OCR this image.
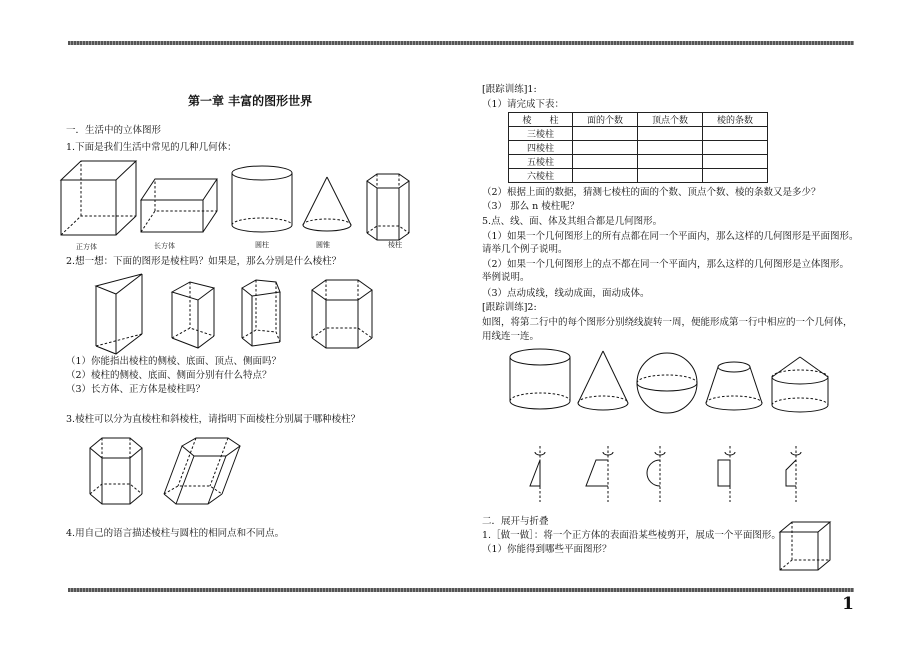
第一章 丰富的图形世界
一．生活中的立体图形
1.下面是我们生活中常见的几种几何体：
正方体	长方体	圆柱	圆锥	棱柱
2.想一想：下面的图形是棱柱吗？如果是，那么分别是什么棱柱？
（1）你能指出棱柱的侧棱、底面、顶点、侧面吗？
（2）棱柱的侧棱、底面、侧面分别有什么特点？
（3）长方体、正方体是棱柱吗？
3.棱柱可以分为直棱柱和斜棱柱，请指明下面棱柱分别属于哪种棱柱？
4.用自己的语言描述棱柱与圆柱的相同点和不同点。
[跟踪训练]1:
（1）请完成下表：
棱　　柱	面的个数	顶点个数	棱的条数
三棱柱			
四棱柱			
五棱柱			
六棱柱			
（2）根据上面的数据，猜测七棱柱的面的个数、顶点个数、棱的条数又是多少？
（3） 那么 n 棱柱呢？
5.点、线、面、体及其组合都是几何图形。
（1）如果一个几何图形上的所有点都在同一个平面内，那么这样的几何图形是平面图形。
请举几个例子说明。
（2）如果一个几何图形上的点不都在同一个平面内，那么这样的几何图形是立体图形。
举例说明。
（3）点动成线，线动成面，面动成体。
[跟踪训练]2:
如图，将第二行中的每个图形分别绕线旋转一周，便能形成第一行中相应的一个几何体，
用线连一连。
二．展开与折叠
1.［做一做］：将一个正方体的表面沿某些棱剪开，展成一个平面图形。
（1）你能得到哪些平面图形？
1
